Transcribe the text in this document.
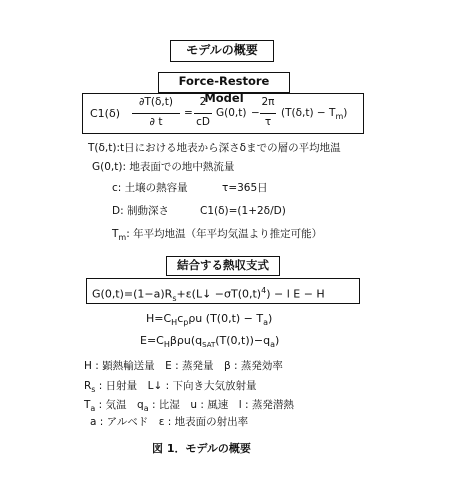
モデルの概要
Force-Restore Model
C1(δ)
∂T(δ,t)
∂ t
=
2
cD
G(0,t) −
2π
τ
$(T(\delta,t) - T_m)$
T(δ,t):t日における地表から深さδまでの層の平均地温
G(0,t): 地表面での地中熱流量
c: 土壌の熱容量	τ=365日
D: 制動深さ	C1(δ)=(1+2δ/D)
$T_m$: 年平均地温（年平均気温より推定可能）
結合する熱収支式
$G(0,t)=(1-a)R_s+\varepsilon(L↓ -\sigma T(0,t)^4) - l$ E − H
$H=C_Hc_p\rho u$ $(T(0,t) - T_a)$
$E=C_H\beta\rho u(q_{SAT}(T(0,t))-q_a)$
H : 顕熱輸送量　E : 蒸発量　β : 蒸発効率
$R_s$ : 日射量　L↓ : 下向き大気放射量
$T_a$ : 気温　$q_a$ : 比湿　u : 風速　l : 蒸発潜熱
a : アルベド　ε : 地表面の射出率
図 1．モデルの概要
